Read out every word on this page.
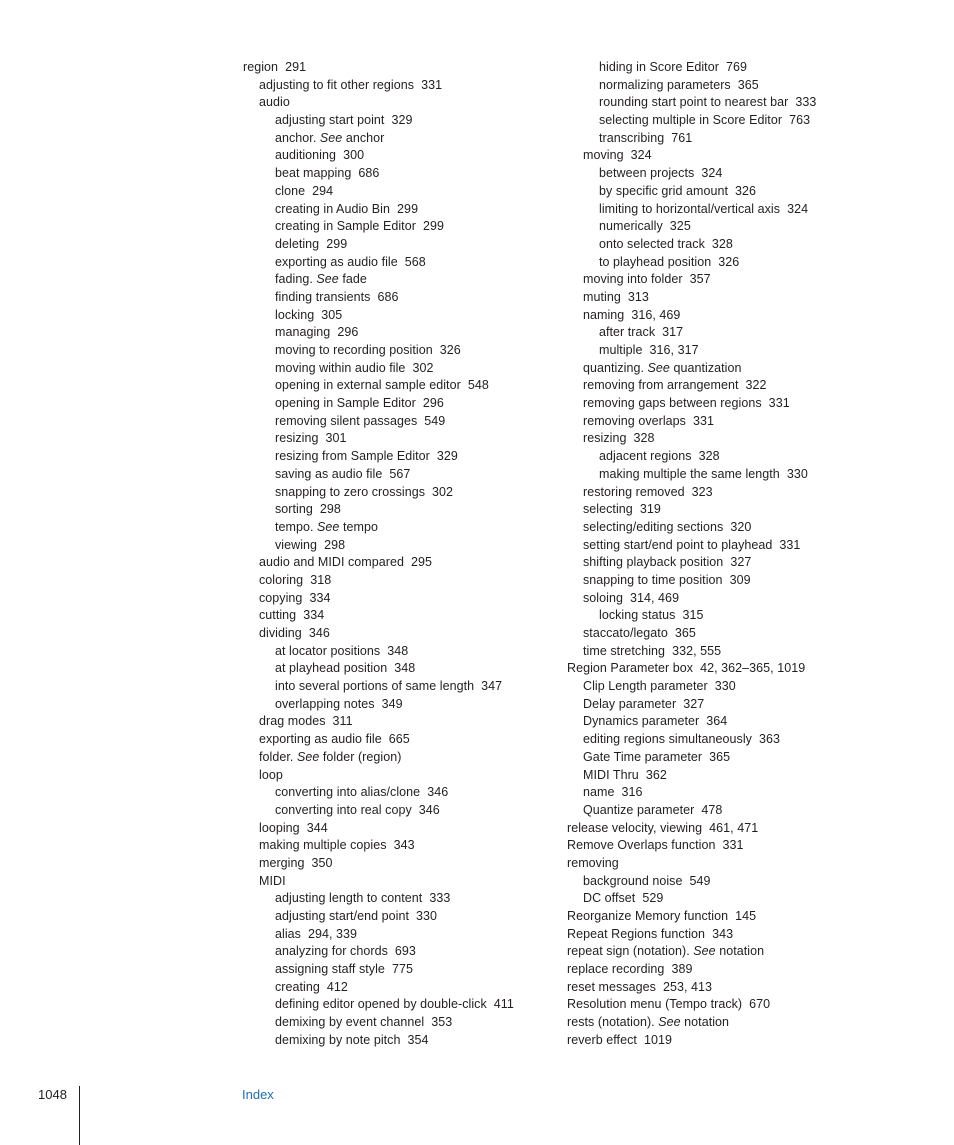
region  291
adjusting to fit other regions  331
audio
adjusting start point  329
anchor. See anchor
auditioning  300
beat mapping  686
clone  294
creating in Audio Bin  299
creating in Sample Editor  299
deleting  299
exporting as audio file  568
fading. See fade
finding transients  686
locking  305
managing  296
moving to recording position  326
moving within audio file  302
opening in external sample editor  548
opening in Sample Editor  296
removing silent passages  549
resizing  301
resizing from Sample Editor  329
saving as audio file  567
snapping to zero crossings  302
sorting  298
tempo. See tempo
viewing  298
audio and MIDI compared  295
coloring  318
copying  334
cutting  334
dividing  346
at locator positions  348
at playhead position  348
into several portions of same length  347
overlapping notes  349
drag modes  311
exporting as audio file  665
folder. See folder (region)
loop
converting into alias/clone  346
converting into real copy  346
looping  344
making multiple copies  343
merging  350
MIDI
adjusting length to content  333
adjusting start/end point  330
alias  294, 339
analyzing for chords  693
assigning staff style  775
creating  412
defining editor opened by double-click  411
demixing by event channel  353
demixing by note pitch  354
hiding in Score Editor  769
normalizing parameters  365
rounding start point to nearest bar  333
selecting multiple in Score Editor  763
transcribing  761
moving  324
between projects  324
by specific grid amount  326
limiting to horizontal/vertical axis  324
numerically  325
onto selected track  328
to playhead position  326
moving into folder  357
muting  313
naming  316, 469
after track  317
multiple  316, 317
quantizing. See quantization
removing from arrangement  322
removing gaps between regions  331
removing overlaps  331
resizing  328
adjacent regions  328
making multiple the same length  330
restoring removed  323
selecting  319
selecting/editing sections  320
setting start/end point to playhead  331
shifting playback position  327
snapping to time position  309
soloing  314, 469
locking status  315
staccato/legato  365
time stretching  332, 555
Region Parameter box  42, 362–365, 1019
Clip Length parameter  330
Delay parameter  327
Dynamics parameter  364
editing regions simultaneously  363
Gate Time parameter  365
MIDI Thru  362
name  316
Quantize parameter  478
release velocity, viewing  461, 471
Remove Overlaps function  331
removing
background noise  549
DC offset  529
Reorganize Memory function  145
Repeat Regions function  343
repeat sign (notation). See notation
replace recording  389
reset messages  253, 413
Resolution menu (Tempo track)  670
rests (notation). See notation
reverb effect  1019
1048	Index
